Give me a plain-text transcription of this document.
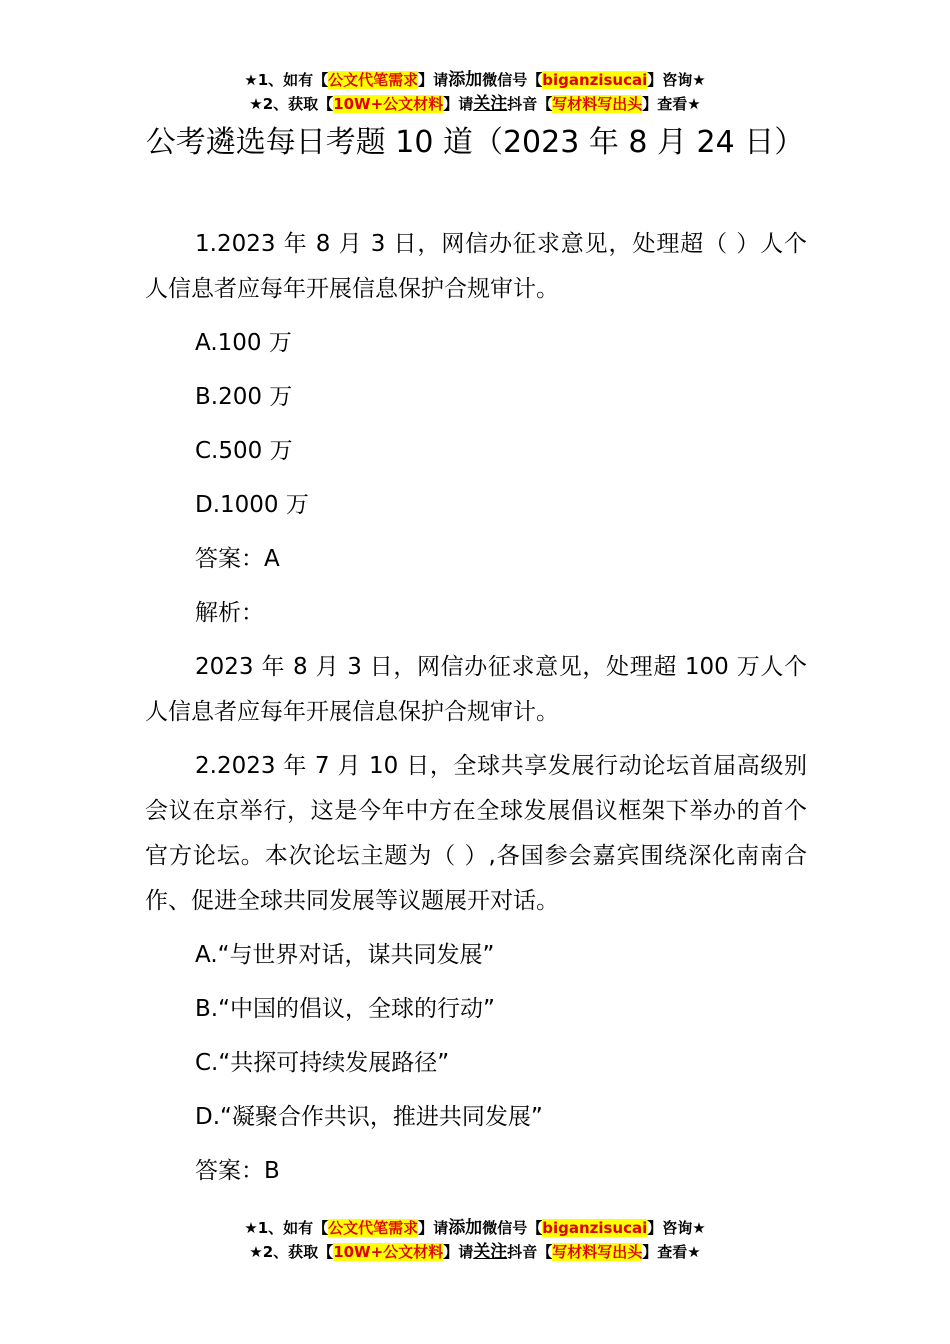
★1、如有【公文代笔需求】请添加微信号【biganzisucai】咨询★
★2、获取【10W+公文材料】请关注抖音【写材料写出头】查看★
公考遴选每日考题 10 道（2023 年 8 月 24 日）

1.2023 年 8 月 3 日，网信办征求意见，处理超（ ）人个人信息者应每年开展信息保护合规审计。

A.100 万
B.200 万
C.500 万
D.1000 万
答案：A
解析：

2023 年 8 月 3 日，网信办征求意见，处理超 100 万人个人信息者应每年开展信息保护合规审计。

2.2023 年 7 月 10 日，全球共享发展行动论坛首届高级别会议在京举行，这是今年中方在全球发展倡议框架下举办的首个官方论坛。本次论坛主题为（ ）,各国参会嘉宾围绕深化南南合作、促进全球共同发展等议题展开对话。

A.“与世界对话，谋共同发展”
B.“中国的倡议，全球的行动”
C.“共探可持续发展路径”
D.“凝聚合作共识，推进共同发展”
答案：B
★1、如有【公文代笔需求】请添加微信号【biganzisucai】咨询★
★2、获取【10W+公文材料】请关注抖音【写材料写出头】查看★
